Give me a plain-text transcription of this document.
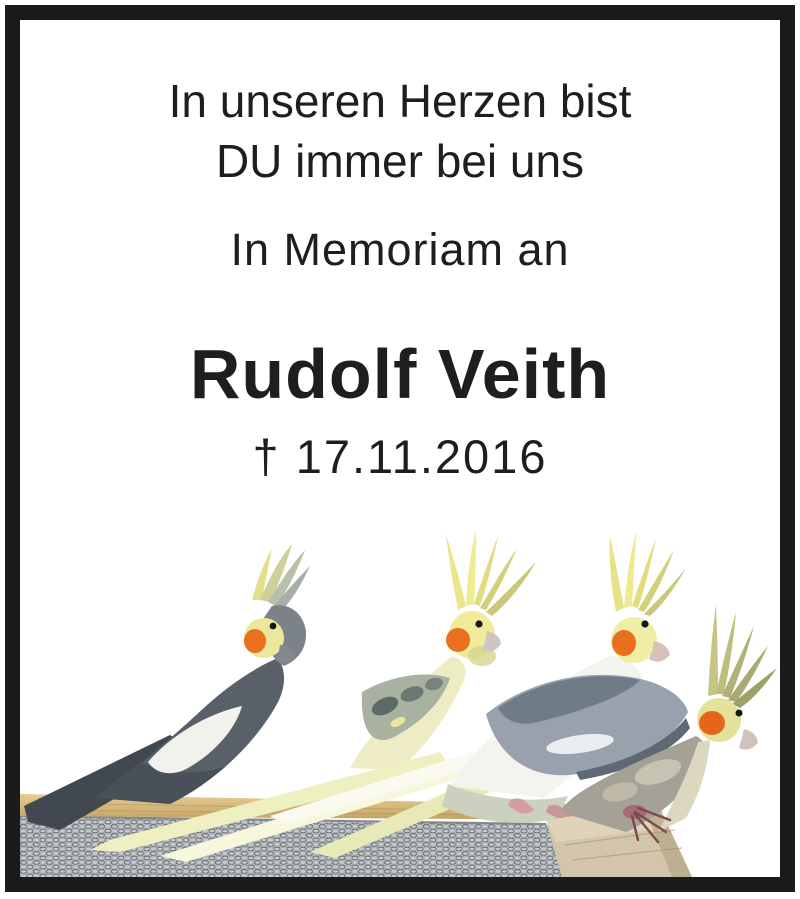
In unseren Herzen bist
DU immer bei uns
In Memoriam an
Rudolf Veith
† 17.11.2016
